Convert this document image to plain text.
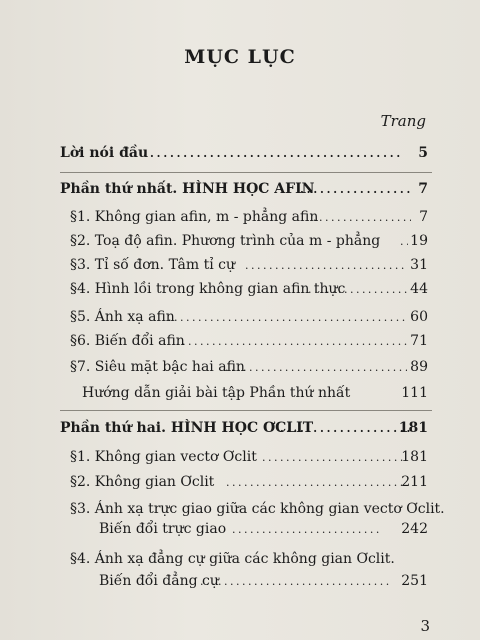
MỤC LỤC
Trang
Lời nói đầu . . .	5
Phần thứ nhất. HÌNH HỌC AFIN . . .	7
§1. Không gian afin, m - phẳng afin . . .	7
§2. Toạ độ afin. Phương trình của m - phẳng . . . 19
§3. Tỉ số đơn. Tâm tỉ cự . . .	31
§4. Hình lồi trong không gian afin thực . . .	44
§5. Ánh xạ afin . . .	60
§6. Biến đổi afin . . .	71
§7. Siêu mặt bậc hai afin . . .	89
Hướng dẫn giải bài tập Phần thứ nhất	111
Phần thứ hai. HÌNH HỌC ƠCLIT . . .	181
§1. Không gian vectơ Ơclit . . .	181
§2. Không gian Ơclit . . .	211
§3. Ánh xạ trực giao giữa các không gian vectơ Ơclit.
Biến đổi trực giao . . .	242
§4. Ánh xạ đẳng cự giữa các không gian Ơclit.
Biến đổi đẳng cự . . .	251
3
